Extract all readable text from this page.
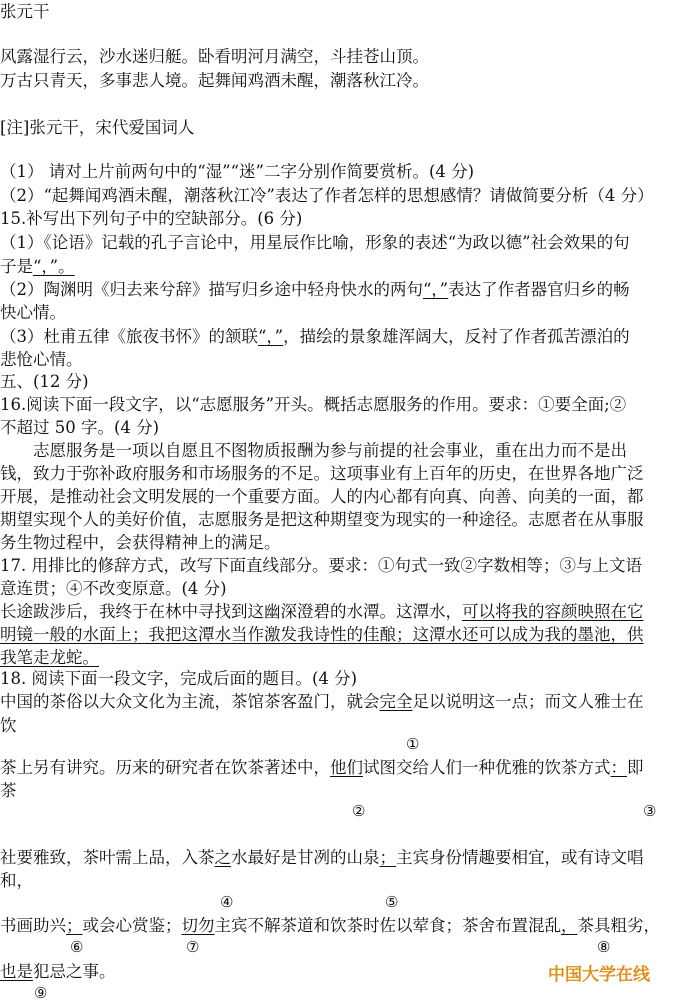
张元干
风露湿行云，沙水迷归艇。卧看明河月满空，斗挂苍山顶。
万古只青天，多事悲人境。起舞闻鸡酒未醒，潮落秋江冷。
[注]张元干，宋代爱国词人
（1） 请对上片前两句中的“湿”“迷”二字分别作简要赏析。(4 分)
（2）“起舞闻鸡酒未醒，潮落秋江冷”表达了作者怎样的思想感情？请做简要分析（4 分）
15.补写出下列句子中的空缺部分。(6 分)
（1）《论语》记载的孔子言论中，用星辰作比喻，形象的表述“为政以德”社会效果的句
子是“，”。
（2）陶渊明《归去来兮辞》描写归乡途中轻舟快水的两句“，”表达了作者器官归乡的畅
快心情。
（3）杜甫五律《旅夜书怀》的颔联“，”，描绘的景象雄浑阔大，反衬了作者孤苦漂泊的
悲怆心情。
五、(12 分)
16.阅读下面一段文字，以“志愿服务”开头。概括志愿服务的作用。要求：①要全面;②
不超过 50 字。(4 分)
志愿服务是一项以自愿且不图物质报酬为参与前提的社会事业，重在出力而不是出
钱，致力于弥补政府服务和市场服务的不足。这项事业有上百年的历史，在世界各地广泛
开展，是推动社会文明发展的一个重要方面。人的内心都有向真、向善、向美的一面，都
期望实现个人的美好价值，志愿服务是把这种期望变为现实的一种途径。志愿者在从事服
务生物过程中，会获得精神上的满足。
17. 用排比的修辞方式，改写下面直线部分。要求：①句式一致②字数相等；③与上文语
意连贯；④不改变原意。(4 分)
长途跋涉后，我终于在林中寻找到这幽深澄碧的水潭。这潭水，可以将我的容颜映照在它
明镜一般的水面上；我把这潭水当作激发我诗性的佳酿；这潭水还可以成为我的墨池，供
我笔走龙蛇。
18. 阅读下面一段文字，完成后面的题目。(4 分)
中国的茶俗以大众文化为主流，茶馆茶客盈门，就会完全足以说明这一点；而文人雅士在
饮
①
茶上另有讲究。历来的研究者在饮茶著述中，他们试图交给人们一种优雅的饮茶方式：即
茶
②	③
社要雅致，茶叶需上品，入茶之水最好是甘冽的山泉；主宾身份情趣要相宜，或有诗文唱
和，
④	⑤
书画助兴；或会心赏鉴；切勿主宾不解茶道和饮茶时佐以荤食；茶舍布置混乱，茶具粗劣，
⑥	⑦	⑧
也是犯忌之事。
⑨
中国大学在线
